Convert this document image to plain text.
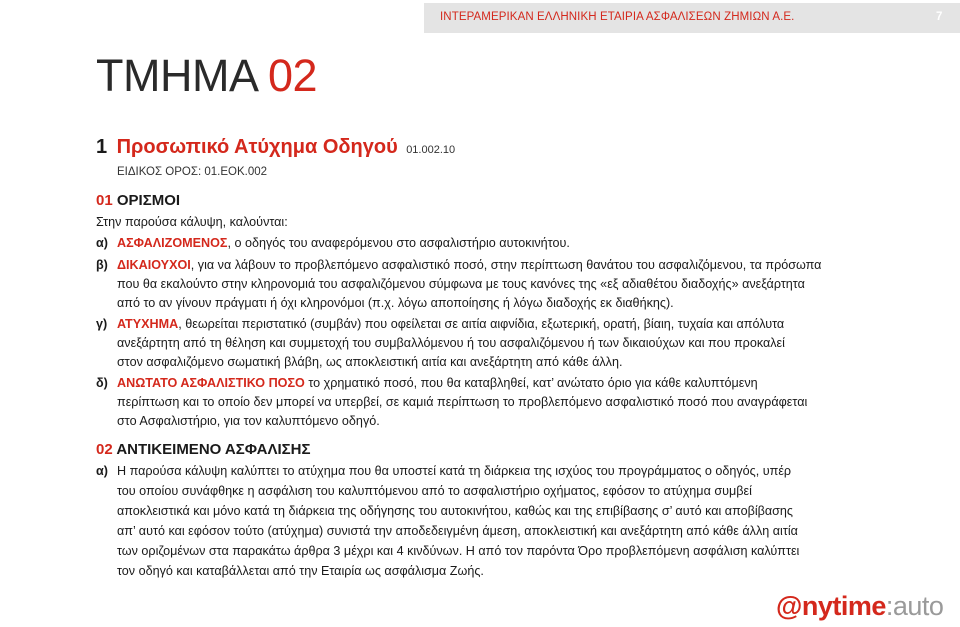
ΙΝΤΕΡΑΜΕΡΙΚΑΝ ΕΛΛΗΝΙΚΗ ΕΤΑΙΡΙΑ ΑΣΦΑΛΙΣΕΩΝ ΖΗΜΙΩΝ Α.Ε.	7
ΤΜΗΜΑ 02
1 Προσωπικό Ατύχημα Οδηγού 01.002.10
ΕΙΔΙΚΟΣ ΟΡΟΣ: 01.ΕΟΚ.002
01 ΟΡΙΣΜΟΙ
Στην παρούσα κάλυψη, καλούνται:
α) ΑΣΦΑΛΙΖΟΜΕΝΟΣ, ο οδηγός του αναφερόμενου στο ασφαλιστήριο αυτοκινήτου.
β) ΔΙΚΑΙΟΥΧΟΙ, για να λάβουν το προβλεπόμενο ασφαλιστικό ποσό, στην περίπτωση θανάτου του ασφαλιζόμενου, τα πρόσωπα
που θα εκαλούντο στην κληρονομιά του ασφαλιζόμενου σύμφωνα με τους κανόνες της «εξ αδιαθέτου διαδοχής» ανεξάρτητα
από το αν γίνουν πράγματι ή όχι κληρονόμοι (π.χ. λόγω αποποίησης ή λόγω διαδοχής εκ διαθήκης).
γ) ΑΤΥΧΗΜΑ, θεωρείται περιστατικό (συμβάν) που οφείλεται σε αιτία αιφνίδια, εξωτερική, ορατή, βίαιη, τυχαία και απόλυτα
ανεξάρτητη από τη θέληση και συμμετοχή του συμβαλλόμενου ή του ασφαλιζόμενου ή των δικαιούχων και που προκαλεί
στον ασφαλιζόμενο σωματική βλάβη, ως αποκλειστική αιτία και ανεξάρτητη από κάθε άλλη.
δ) ΑΝΩΤΑΤΟ ΑΣΦΑΛΙΣΤΙΚΟ ΠΟΣΟ το χρηματικό ποσό, που θα καταβληθεί, κατ’ ανώτατο όριο για κάθε καλυπτόμενη
περίπτωση και το οποίο δεν μπορεί να υπερβεί, σε καμιά περίπτωση το προβλεπόμενο ασφαλιστικό ποσό που αναγράφεται
στο Ασφαλιστήριο, για τον καλυπτόμενο οδηγό.
02 ΑΝΤΙΚΕΙΜΕΝΟ ΑΣΦΑΛΙΣΗΣ
α) Η παρούσα κάλυψη καλύπτει το ατύχημα που θα υποστεί κατά τη διάρκεια της ισχύος του προγράμματος ο οδηγός, υπέρ
του οποίου συνάφθηκε η ασφάλιση του καλυπτόμενου από το ασφαλιστήριο οχήματος, εφόσον το ατύχημα συμβεί
αποκλειστικά και μόνο κατά τη διάρκεια της οδήγησης του αυτοκινήτου, καθώς και της επιβίβασης σ’ αυτό και αποβίβασης
απ’ αυτό και εφόσον τούτο (ατύχημα) συνιστά την αποδεδειγμένη άμεση, αποκλειστική και ανεξάρτητη από κάθε άλλη αιτία
των οριζομένων στα παρακάτω άρθρα 3 μέχρι και 4 κινδύνων. Η από τον παρόντα Όρο προβλεπόμενη ασφάλιση καλύπτει
τον οδηγό και καταβάλλεται από την Εταιρία ως ασφάλισμα Ζωής.
@nytime:auto
